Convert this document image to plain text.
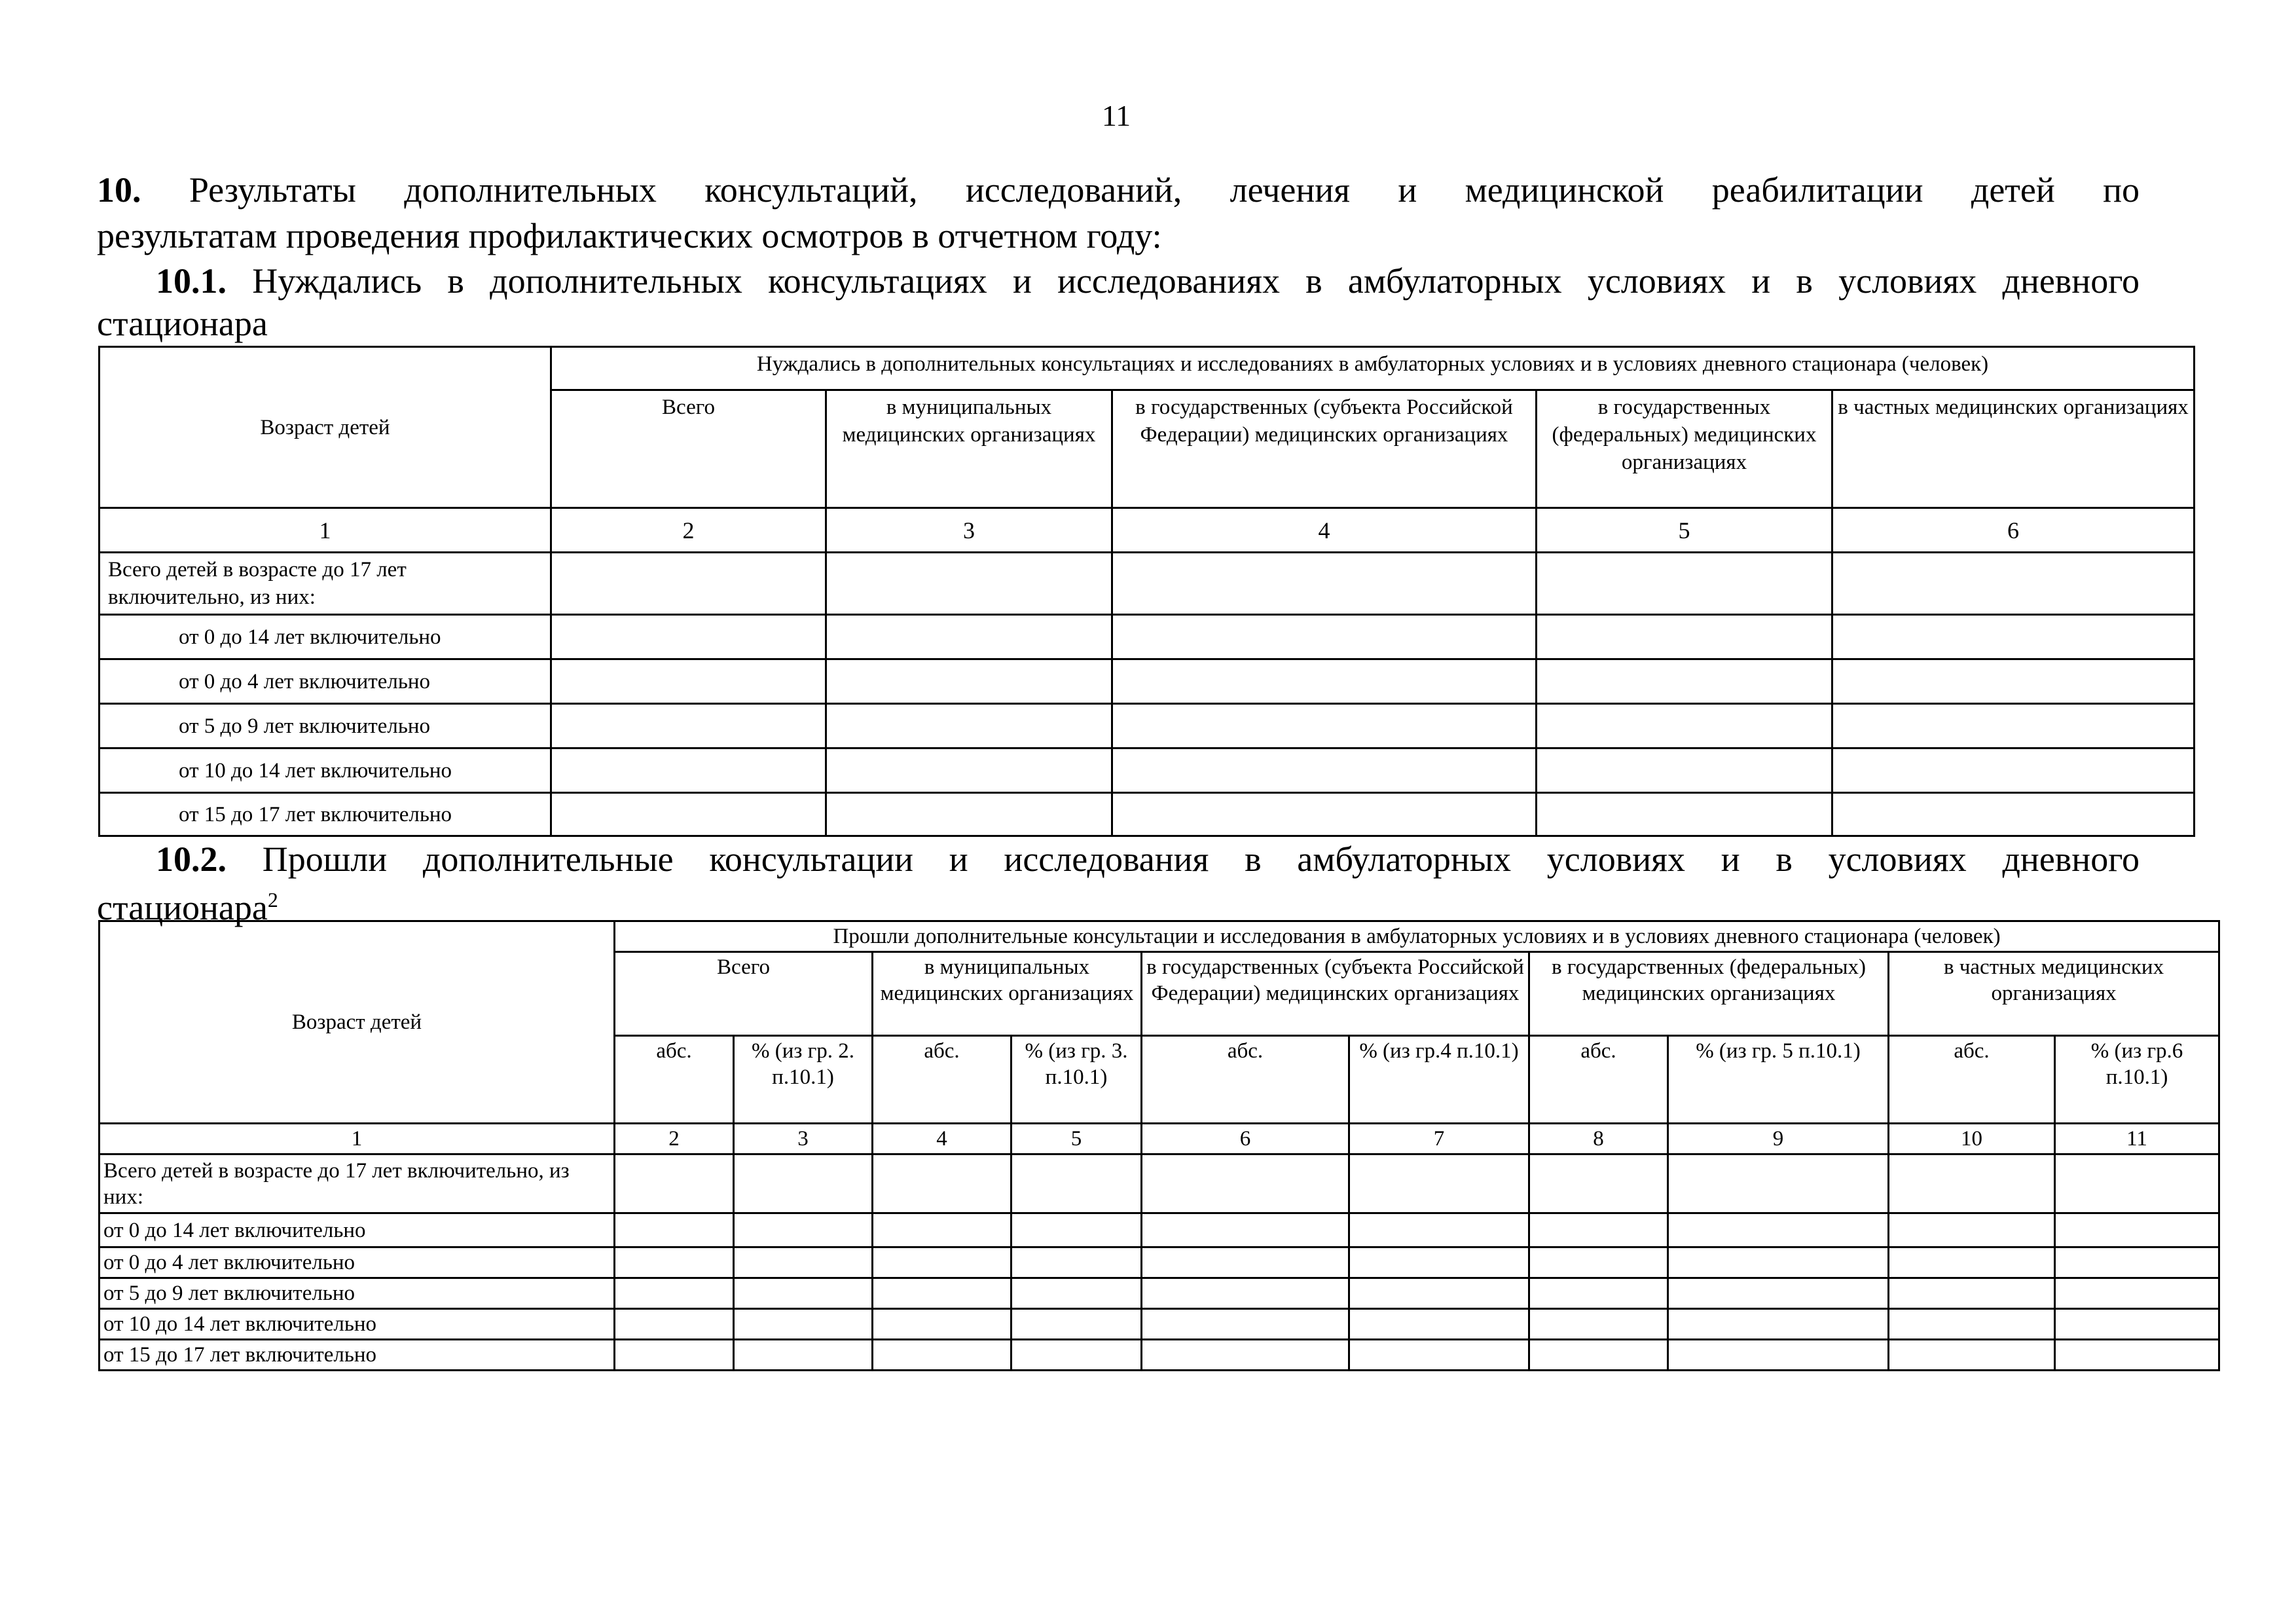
11
10. Результаты дополнительных консультаций, исследований, лечения и медицинской реабилитации детей по
результатам проведения профилактических осмотров в отчетном году:
10.1. Нуждались в дополнительных консультациях и исследованиях в амбулаторных условиях и в условиях дневного
стационара
Возраст детей	Нуждались в дополнительных консультациях и исследованиях в амбулаторных условиях и в условиях дневного стационара (человек)				
	Всего	в муниципальных медицинских организациях	в государственных (субъекта Российской Федерации) медицинских организациях	в государственных (федеральных) медицинских организациях	в частных медицинских организациях
1	2	3	4	5	6
Всего детей в возрасте до 17 лет включительно, из них:					
от 0 до 14 лет включительно					
от 0 до 4 лет включительно					
от 5 до 9 лет включительно					
от 10 до 14 лет включительно					
от 15 до 17 лет включительно					
10.2. Прошли дополнительные консультации и исследования в амбулаторных условиях и в условиях дневного
стационара$^2$
Возраст детей	Прошли дополнительные консультации и исследования в амбулаторных условиях и в условиях дневного стационара (человек)									
	Всего		в муниципальных медицинских организациях		в государственных (субъекта Российской Федерации) медицинских организациях		в государственных (федеральных) медицинских организациях		в частных медицинских организациях	
	абс.	% (из гр. 2. п.10.1)	абс.	% (из гр. 3. п.10.1)	абс.	% (из гр.4 п.10.1)	абс.	% (из гр. 5 п.10.1)	абс.	% (из гр.6 п.10.1)
1	2	3	4	5	6	7	8	9	10	11
Всего детей в возрасте до 17 лет включительно, из них:										
от 0 до 14 лет включительно										
от 0 до 4 лет включительно										
от 5 до 9 лет включительно										
от 10 до 14 лет включительно										
от 15 до 17 лет включительно										
